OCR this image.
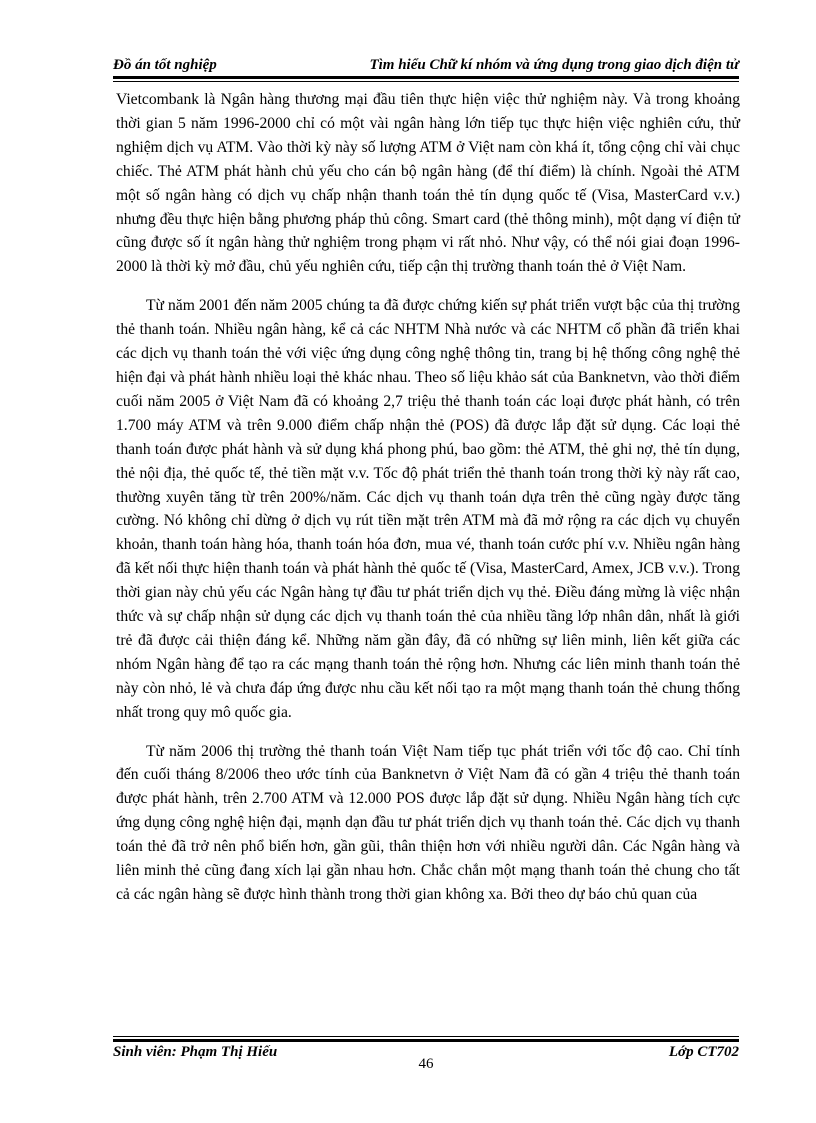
Đồ án tốt nghiệp	Tìm hiểu Chữ kí nhóm và ứng dụng trong giao dịch điện tử

Vietcombank là Ngân hàng thương mại đầu tiên thực hiện việc thử nghiệm này. Và trong khoảng thời gian 5 năm 1996-2000 chỉ có một vài ngân hàng lớn tiếp tục thực hiện việc nghiên cứu, thử nghiệm dịch vụ ATM. Vào thời kỳ này số lượng ATM ở Việt nam còn khá ít, tổng cộng chỉ vài chục chiếc. Thẻ ATM phát hành chủ yếu cho cán bộ ngân hàng (để thí điểm) là chính. Ngoài thẻ ATM một số ngân hàng có dịch vụ chấp nhận thanh toán thẻ tín dụng quốc tế (Visa, MasterCard v.v.) nhưng đều thực hiện bằng phương pháp thủ công. Smart card (thẻ thông minh), một dạng ví điện tử cũng được số ít ngân hàng thử nghiệm trong phạm vi rất nhỏ. Như vậy, có thể nói giai đoạn 1996-2000 là thời kỳ mở đầu, chủ yếu nghiên cứu, tiếp cận thị trường thanh toán thẻ ở Việt Nam.

Từ năm 2001 đến năm 2005 chúng ta đã được chứng kiến sự phát triển vượt bậc của thị trường thẻ thanh toán. Nhiều ngân hàng, kể cả các NHTM Nhà nước và các NHTM cổ phần đã triển khai các dịch vụ thanh toán thẻ với việc ứng dụng công nghệ thông tin, trang bị hệ thống công nghệ thẻ hiện đại và phát hành nhiều loại thẻ khác nhau. Theo số liệu khảo sát của Banknetvn, vào thời điểm cuối năm 2005 ở Việt Nam đã có khoảng 2,7 triệu thẻ thanh toán các loại được phát hành, có trên 1.700 máy ATM và trên 9.000 điểm chấp nhận thẻ (POS) đã được lắp đặt sử dụng. Các loại thẻ thanh toán được phát hành và sử dụng khá phong phú, bao gồm: thẻ ATM, thẻ ghi nợ, thẻ tín dụng, thẻ nội địa, thẻ quốc tế, thẻ tiền mặt v.v. Tốc độ phát triển thẻ thanh toán trong thời kỳ này rất cao, thường xuyên tăng từ trên 200%/năm. Các dịch vụ thanh toán dựa trên thẻ cũng ngày được tăng cường. Nó không chỉ dừng ở dịch vụ rút tiền mặt trên ATM mà đã mở rộng ra các dịch vụ chuyển khoản, thanh toán hàng hóa, thanh toán hóa đơn, mua vé, thanh toán cước phí v.v. Nhiều ngân hàng đã kết nối thực hiện thanh toán và phát hành thẻ quốc tế (Visa, MasterCard, Amex, JCB v.v.). Trong thời gian này chủ yếu các Ngân hàng tự đầu tư phát triển dịch vụ thẻ. Điều đáng mừng là việc nhận thức và sự chấp nhận sử dụng các dịch vụ thanh toán thẻ của nhiều tầng lớp nhân dân, nhất là giới trẻ đã được cải thiện đáng kể. Những năm gần đây, đã có những sự liên minh, liên kết giữa các nhóm Ngân hàng để tạo ra các mạng thanh toán thẻ rộng hơn. Nhưng các liên minh thanh toán thẻ này còn nhỏ, lẻ và chưa đáp ứng được nhu cầu kết nối tạo ra một mạng thanh toán thẻ chung thống nhất trong quy mô quốc gia.

Từ năm 2006 thị trường thẻ thanh toán Việt Nam tiếp tục phát triển với tốc độ cao. Chỉ tính đến cuối tháng 8/2006 theo ước tính của Banknetvn ở Việt Nam đã có gần 4 triệu thẻ thanh toán được phát hành, trên 2.700 ATM và 12.000 POS được lắp đặt sử dụng. Nhiều Ngân hàng tích cực ứng dụng công nghệ hiện đại, mạnh dạn đầu tư phát triển dịch vụ thanh toán thẻ. Các dịch vụ thanh toán thẻ đã trở nên phổ biến hơn, gần gũi, thân thiện hơn với nhiều người dân. Các Ngân hàng và liên minh thẻ cũng đang xích lại gần nhau hơn. Chắc chắn một mạng thanh toán thẻ chung cho tất cả các ngân hàng sẽ được hình thành trong thời gian không xa. Bởi theo dự báo chủ quan của

Sinh viên: Phạm Thị Hiếu
46
Lớp CT702
